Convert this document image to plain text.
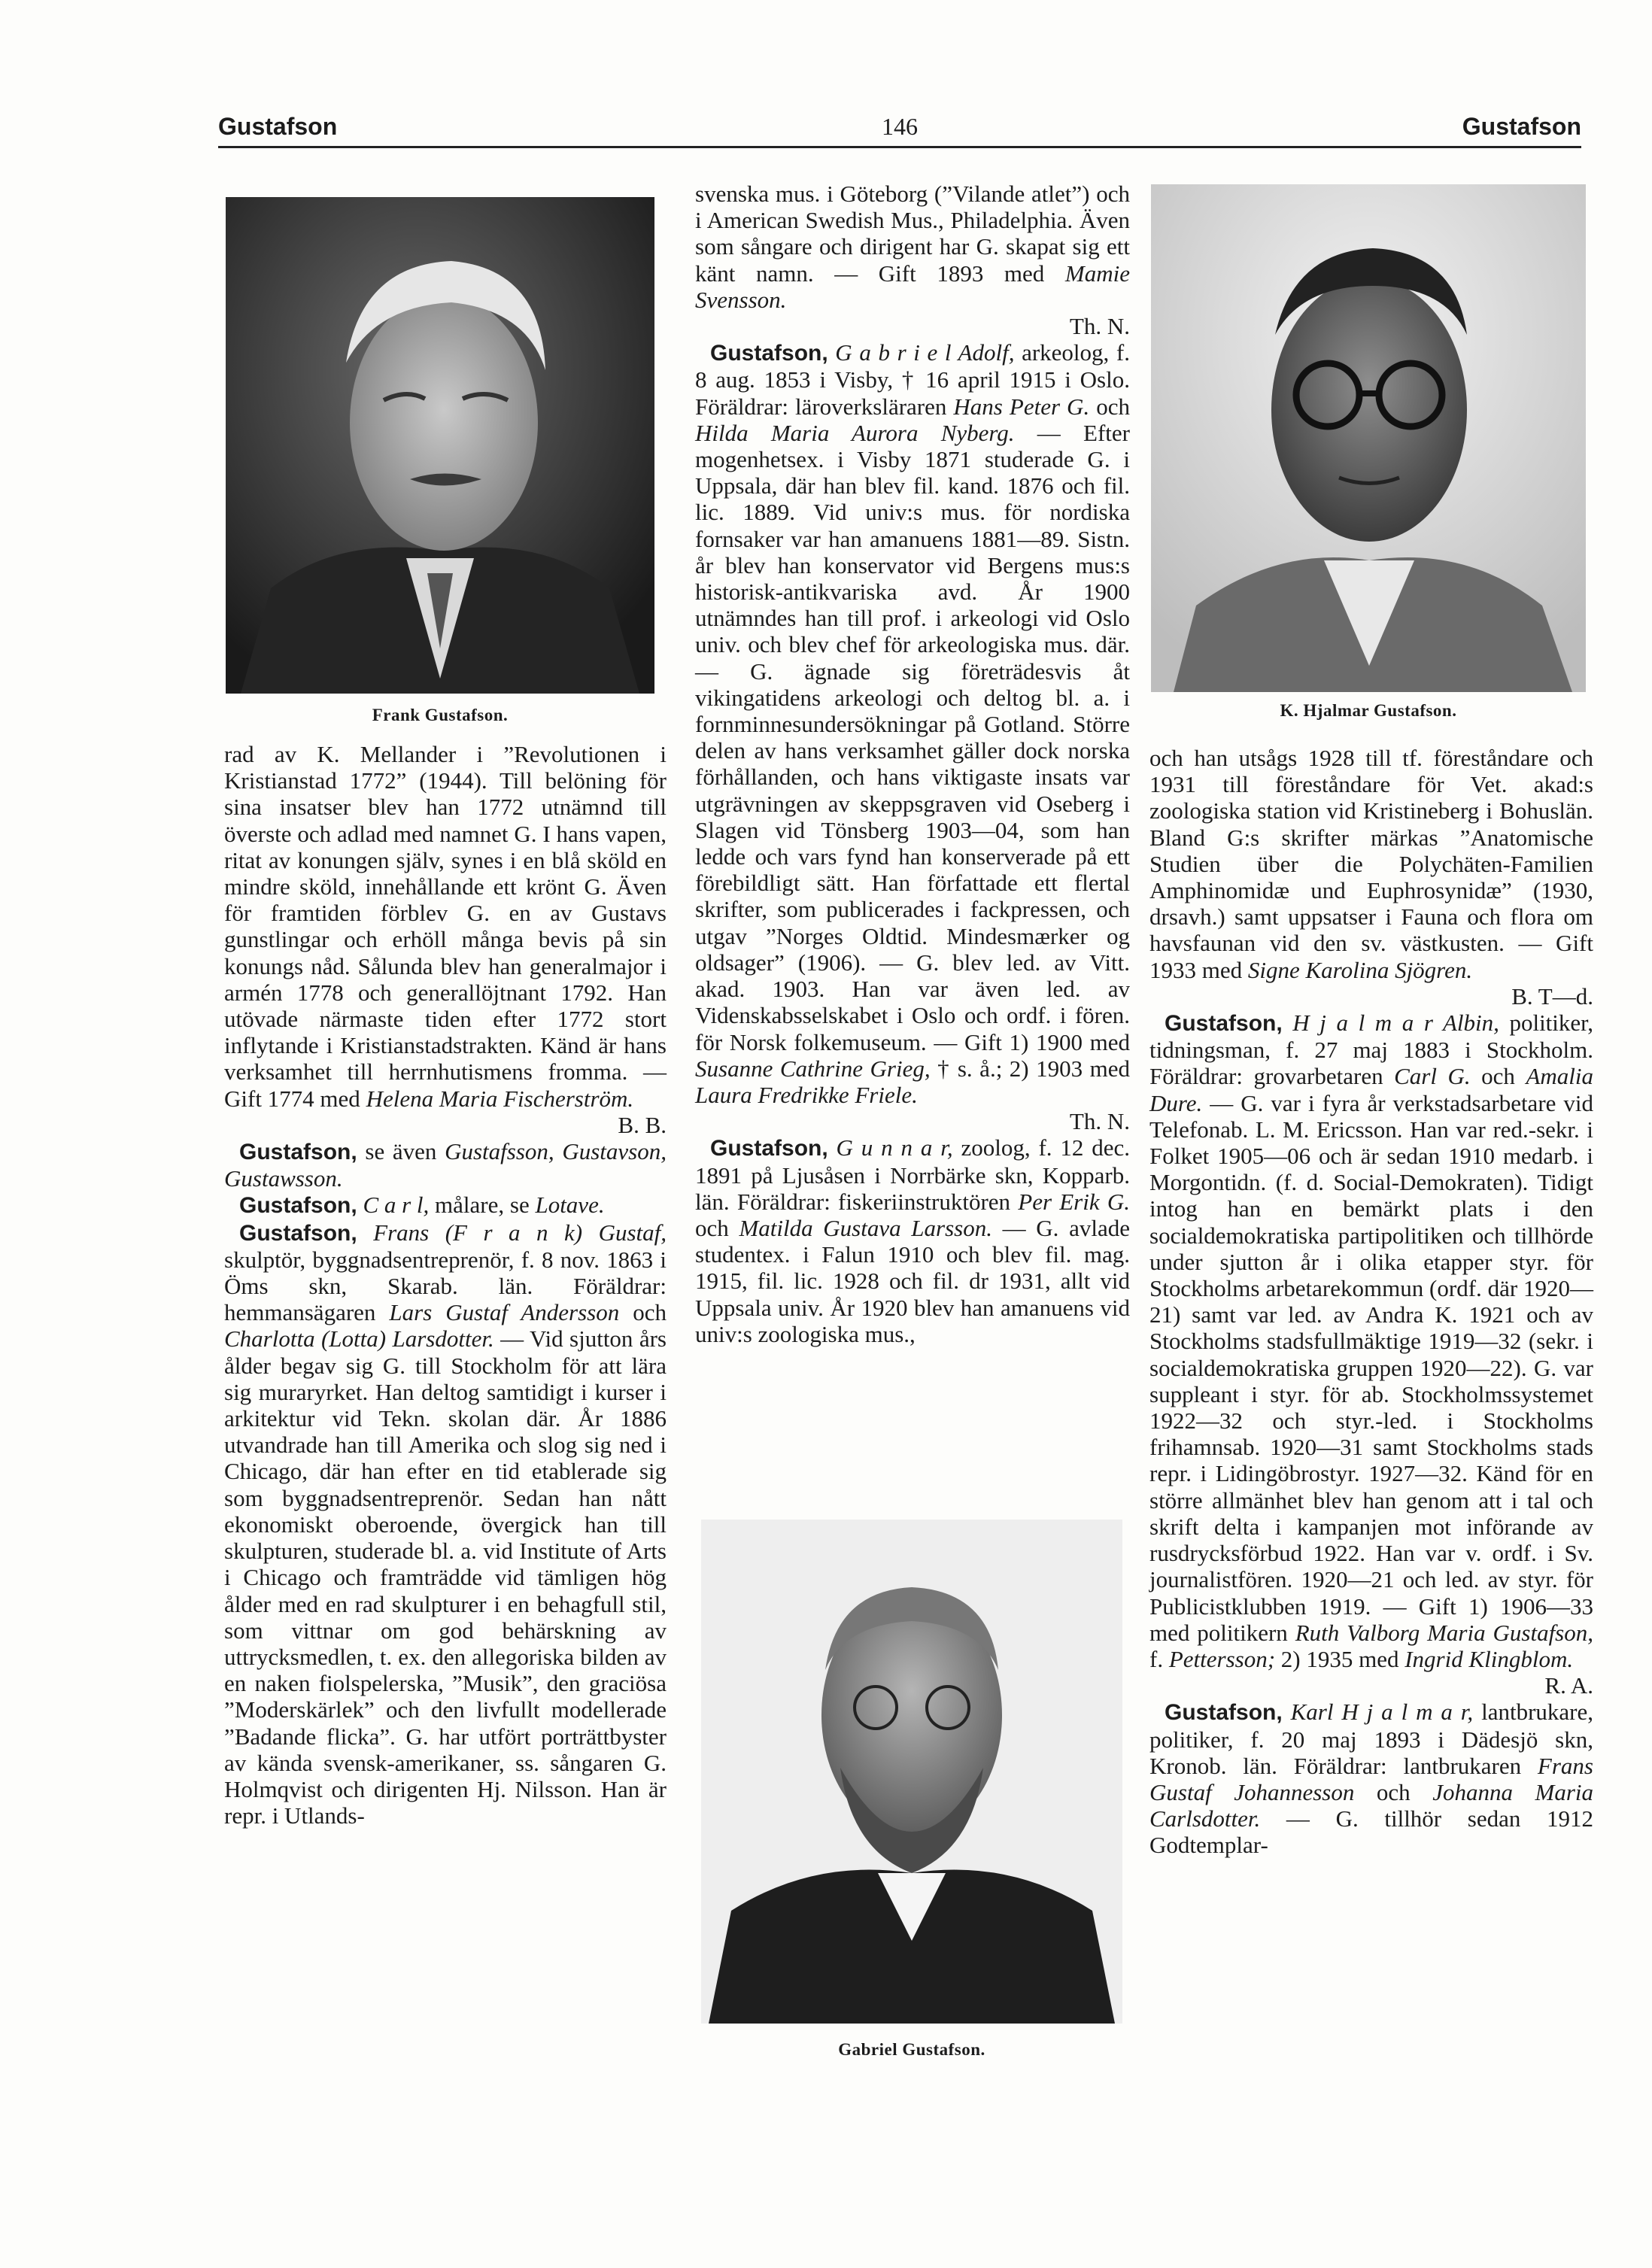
Gustafson	146	Gustafson
Frank Gustafson.	K. Hjalmar Gustafson.
Gabriel Gustafson.

rad av K. Mellander i ”Revolutionen i Kristianstad 1772” (1944). Till belöning för sina insatser blev han 1772 utnämnd till överste och adlad med namnet G. I hans vapen, ritat av konungen själv, synes i en blå sköld en mindre sköld, innehållande ett krönt G. Även för framtiden förblev G. en av Gustavs gunstlingar och erhöll många bevis på sin konungs nåd. Sålunda blev han generalmajor i armén 1778 och generallöjtnant 1792. Han utövade närmaste tiden efter 1772 stort inflytande i Kristianstadstrakten. Känd är hans verksamhet till herrnhutismens fromma. — Gift 1774 med Helena Maria Fischerström.
B. B.

Gustafson, se även Gustafsson, Gustavson, Gustawsson.

Gustafson, C a r l, målare, se Lotave.

Gustafson, Frans (F r a n k) Gustaf, skulptör, byggnadsentreprenör, f. 8 nov. 1863 i Öms skn, Skarab. län. Föräldrar: hemmansägaren Lars Gustaf Andersson och Charlotta (Lotta) Larsdotter. — Vid sjutton års ålder begav sig G. till Stockholm för att lära sig muraryrket. Han deltog samtidigt i kurser i arkitektur vid Tekn. skolan där. År 1886 utvandrade han till Amerika och slog sig ned i Chicago, där han efter en tid etablerade sig som byggnadsentreprenör. Sedan han nått ekonomiskt oberoende, övergick han till skulpturen, studerade bl. a. vid Institute of Arts i Chicago och framträdde vid tämligen hög ålder med en rad skulpturer i en behagfull stil, som vittnar om god behärskning av uttrycksmedlen, t. ex. den allegoriska bilden av en naken fiolspelerska, ”Musik”, den graciösa ”Moderskärlek” och den livfullt modellerade ”Badande flicka”. G. har utfört porträttbyster av kända svensk-amerikaner, ss. sångaren G. Holmqvist och dirigenten Hj. Nilsson. Han är repr. i Utlands-

svenska mus. i Göteborg (”Vilande atlet”) och i American Swedish Mus., Philadelphia. Även som sångare och dirigent har G. skapat sig ett känt namn. — Gift 1893 med Mamie Svensson.
Th. N.

Gustafson, G a b r i e l Adolf, arkeolog, f. 8 aug. 1853 i Visby, † 16 april 1915 i Oslo. Föräldrar: läroverksläraren Hans Peter G. och Hilda Maria Aurora Nyberg. — Efter mogenhetsex. i Visby 1871 studerade G. i Uppsala, där han blev fil. kand. 1876 och fil. lic. 1889. Vid univ:s mus. för nordiska fornsaker var han amanuens 1881—89. Sistn. år blev han konservator vid Bergens mus:s historisk-antikvariska avd. År 1900 utnämndes han till prof. i arkeologi vid Oslo univ. och blev chef för arkeologiska mus. där. — G. ägnade sig företrädesvis åt vikingatidens arkeologi och deltog bl. a. i fornminnesundersökningar på Gotland. Större delen av hans verksamhet gäller dock norska förhållanden, och hans viktigaste insats var utgrävningen av skeppsgraven vid Oseberg i Slagen vid Tönsberg 1903—04, som han ledde och vars fynd han konserverade på ett förebildligt sätt. Han författade ett flertal skrifter, som publicerades i fackpressen, och utgav ”Norges Oldtid. Mindesmærker og oldsager” (1906). — G. blev led. av Vitt. akad. 1903. Han var även led. av Videnskabsselskabet i Oslo och ordf. i fören. för Norsk folkemuseum. — Gift 1) 1900 med Susanne Cathrine Grieg, † s. å.; 2) 1903 med Laura Fredrikke Friele.
Th. N.

Gustafson, G u n n a r, zoolog, f. 12 dec. 1891 på Ljusåsen i Norrbärke skn, Kopparb. län. Föräldrar: fiskeriinstruktören Per Erik G. och Matilda Gustava Larsson. — G. avlade studentex. i Falun 1910 och blev fil. mag. 1915, fil. lic. 1928 och fil. dr 1931, allt vid Uppsala univ. År 1920 blev han amanuens vid univ:s zoologiska mus.,

och han utsågs 1928 till tf. föreståndare och 1931 till föreståndare för Vet. akad:s zoologiska station vid Kristineberg i Bohuslän. Bland G:s skrifter märkas ”Anatomische Studien über die Polychäten-Familien Amphinomidæ und Euphrosynidæ” (1930, drsavh.) samt uppsatser i Fauna och flora om havsfaunan vid den sv. västkusten. — Gift 1933 med Signe Karolina Sjögren.
B. T—d.

Gustafson, H j a l m a r Albin, politiker, tidningsman, f. 27 maj 1883 i Stockholm. Föräldrar: grovarbetaren Carl G. och Amalia Dure. — G. var i fyra år verkstadsarbetare vid Telefonab. L. M. Ericsson. Han var red.-sekr. i Folket 1905—06 och är sedan 1910 medarb. i Morgontidn. (f. d. Social-Demokraten). Tidigt intog han en bemärkt plats i den socialdemokratiska partipolitiken och tillhörde under sjutton år i olika etapper styr. för Stockholms arbetarekommun (ordf. där 1920—21) samt var led. av Andra K. 1921 och av Stockholms stadsfullmäktige 1919—32 (sekr. i socialdemokratiska gruppen 1920—22). G. var suppleant i styr. för ab. Stockholmssystemet 1922—32 och styr.-led. i Stockholms frihamnsab. 1920—31 samt Stockholms stads repr. i Lidingöbrostyr. 1927—32. Känd för en större allmänhet blev han genom att i tal och skrift delta i kampanjen mot införande av rusdrycksförbud 1922. Han var v. ordf. i Sv. journalistfören. 1920—21 och led. av styr. för Publicistklubben 1919. — Gift 1) 1906—33 med politikern Ruth Valborg Maria Gustafson, f. Pettersson; 2) 1935 med Ingrid Klingblom.
R. A.

Gustafson, Karl H j a l m a r, lantbrukare, politiker, f. 20 maj 1893 i Dädesjö skn, Kronob. län. Föräldrar: lantbrukaren Frans Gustaf Johannesson och Johanna Maria Carlsdotter. — G. tillhör sedan 1912 Godtemplar-
